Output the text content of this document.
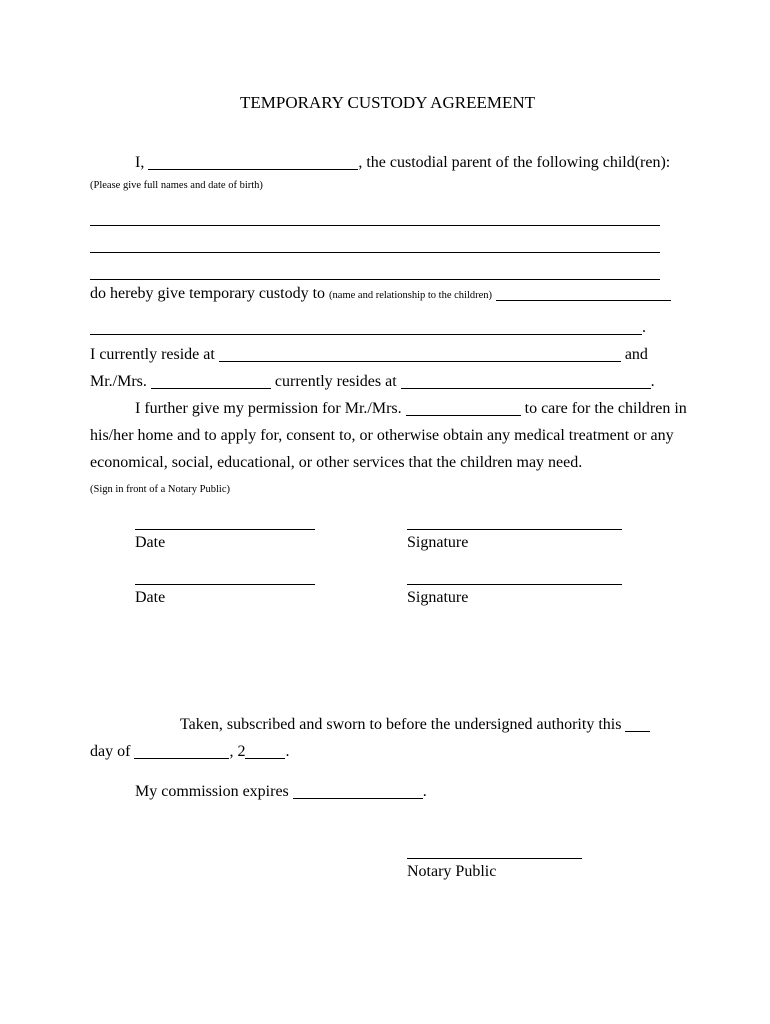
TEMPORARY CUSTODY AGREEMENT

I,	, the custodial parent of the following child(ren):

(Please give full names and date of birth)

do hereby give temporary custody to (name and relationship to the children)

.

I currently reside at	and

Mr./Mrs.	currently resides at	.

I further give my permission for Mr./Mrs.	to care for the children in

his/her home and to apply for, consent to, or otherwise obtain any medical treatment or any

economical, social, educational, or other services that the children may need.

(Sign in front of a Notary Public)

Date	Signature
Date	Signature

Taken, subscribed and sworn to before the undersigned authority this

day of	, 2	.

My commission expires	.

Notary Public
